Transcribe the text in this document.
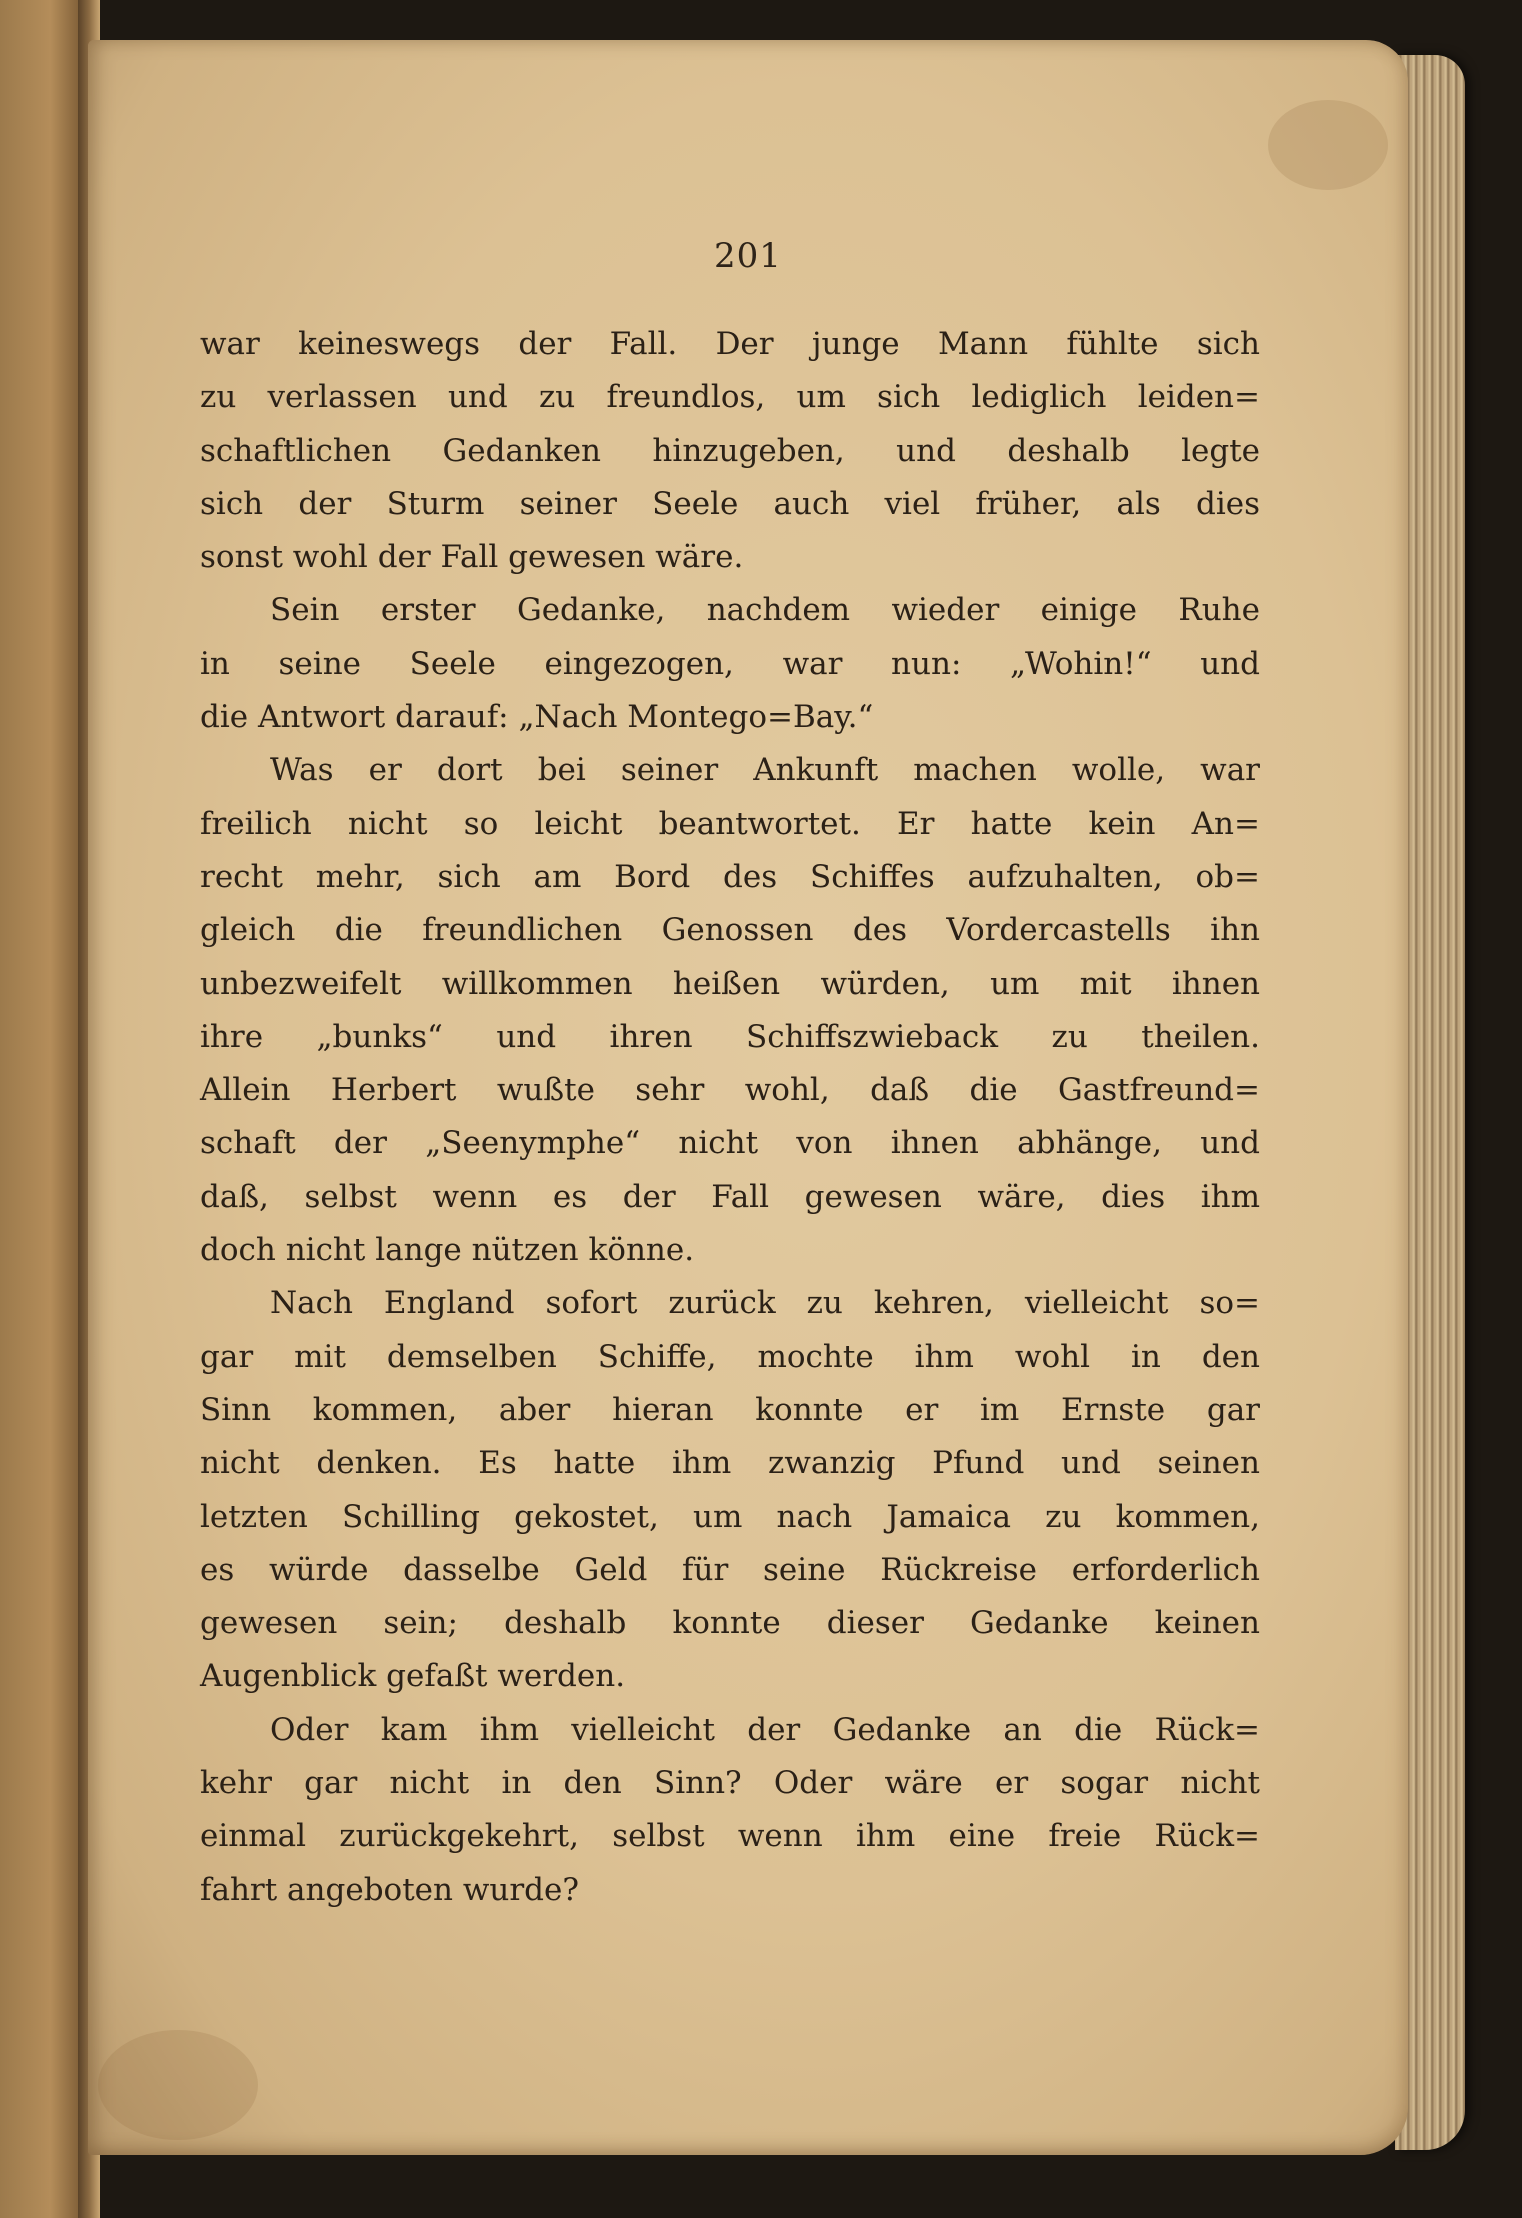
201
war keineswegs der Fall. Der junge Mann fühlte sich
zu verlassen und zu freundlos, um sich lediglich leiden=
schaftlichen Gedanken hinzugeben, und deshalb legte
sich der Sturm seiner Seele auch viel früher, als dies
sonst wohl der Fall gewesen wäre.
Sein erster Gedanke, nachdem wieder einige Ruhe
in seine Seele eingezogen, war nun: „Wohin!“ und
die Antwort darauf: „Nach Montego=Bay.“
Was er dort bei seiner Ankunft machen wolle, war
freilich nicht so leicht beantwortet. Er hatte kein An=
recht mehr, sich am Bord des Schiffes aufzuhalten, ob=
gleich die freundlichen Genossen des Vordercastells ihn
unbezweifelt willkommen heißen würden, um mit ihnen
ihre „bunks“ und ihren Schiffszwieback zu theilen.
Allein Herbert wußte sehr wohl, daß die Gastfreund=
schaft der „Seenymphe“ nicht von ihnen abhänge, und
daß, selbst wenn es der Fall gewesen wäre, dies ihm
doch nicht lange nützen könne.
Nach England sofort zurück zu kehren, vielleicht so=
gar mit demselben Schiffe, mochte ihm wohl in den
Sinn kommen, aber hieran konnte er im Ernste gar
nicht denken. Es hatte ihm zwanzig Pfund und seinen
letzten Schilling gekostet, um nach Jamaica zu kommen,
es würde dasselbe Geld für seine Rückreise erforderlich
gewesen sein; deshalb konnte dieser Gedanke keinen
Augenblick gefaßt werden.
Oder kam ihm vielleicht der Gedanke an die Rück=
kehr gar nicht in den Sinn? Oder wäre er sogar nicht
einmal zurückgekehrt, selbst wenn ihm eine freie Rück=
fahrt angeboten wurde?
